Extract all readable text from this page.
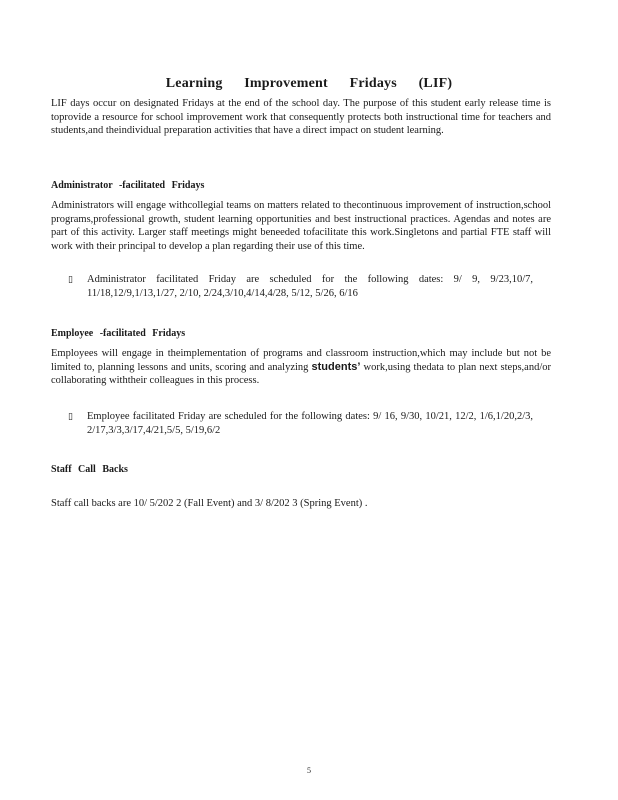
Learning Improvement Fridays (LIF)
LIF days occur on designated Fridays at the end of the school day. The purpose of this student early release time is toprovide a resource for school improvement work that consequently protects both instructional time for teachers and students,and theindividual preparation activities that have a direct impact on student learning.
Administrator -facilitated Fridays
Administrators will engage withcollegial teams on matters related to thecontinuous improvement of instruction,school programs,professional growth, student learning opportunities and best instructional practices. Agendas and notes are part of this activity. Larger staff meetings might beneeded tofacilitate this work.Singletons and partial FTE staff will work with their principal to develop a plan regarding their use of this time.
▯	Administrator facilitated Friday are scheduled for the following dates: 9/ 9, 9/23,10/7, 11/18,12/9,1/13,1/27, 2/10, 2/24,3/10,4/14,4/28, 5/12, 5/26, 6/16
Employee -facilitated Fridays
Employees will engage in theimplementation of programs and classroom instruction,which may include but not be limited to, planning lessons and units, scoring and analyzing students’ work,using thedata to plan next steps,and/or collaborating withtheir colleagues in this process.
▯	Employee facilitated Friday are scheduled for the following dates: 9/ 16, 9/30, 10/21, 12/2, 1/6,1/20,2/3, 2/17,3/3,3/17,4/21,5/5, 5/19,6/2
Staff Call Backs
Staff call backs are 10/ 5/202 2 (Fall Event) and 3/ 8/202 3 (Spring Event) .
5
